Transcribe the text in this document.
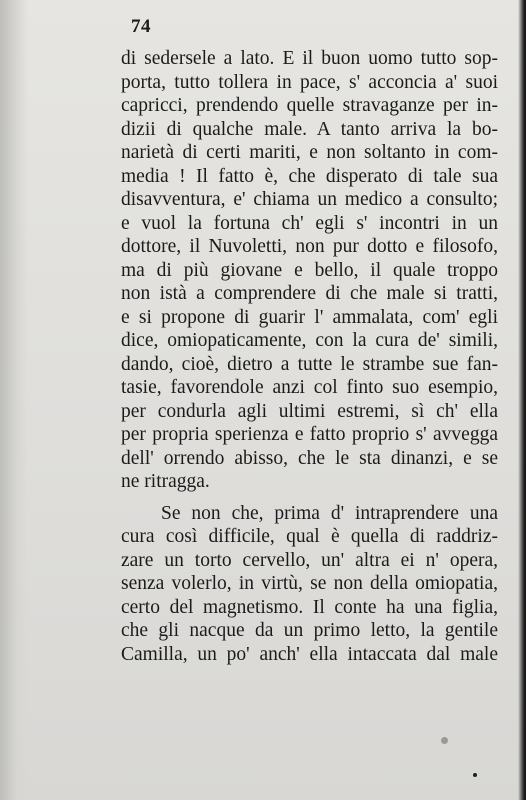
74
di sedersele a lato. E il buon uomo tutto sop-
porta, tutto tollera in pace, s' acconcia a' suoi
capricci, prendendo quelle stravaganze per in-
dizii di qualche male. A tanto arriva la bo-
narietà di certi mariti, e non soltanto in com-
media ! Il fatto è, che disperato di tale sua
disavventura, e' chiama un medico a consulto;
e vuol la fortuna ch' egli s' incontri in un
dottore, il Nuvoletti, non pur dotto e filosofo,
ma di più giovane e bello, il quale troppo
non istà a comprendere di che male si tratti,
e si propone di guarir l' ammalata, com' egli
dice, omiopaticamente, con la cura de' simili,
dando, cioè, dietro a tutte le strambe sue fan-
tasie, favorendole anzi col finto suo esempio,
per condurla agli ultimi estremi, sì ch' ella
per propria sperienza e fatto proprio s' avvegga
dell' orrendo abisso, che le sta dinanzi, e se
ne ritragga.
Se non che, prima d' intraprendere una
cura così difficile, qual è quella di raddriz-
zare un torto cervello, un' altra ei n' opera,
senza volerlo, in virtù, se non della omiopatia,
certo del magnetismo. Il conte ha una figlia,
che gli nacque da un primo letto, la gentile
Camilla, un po' anch' ella intaccata dal male
